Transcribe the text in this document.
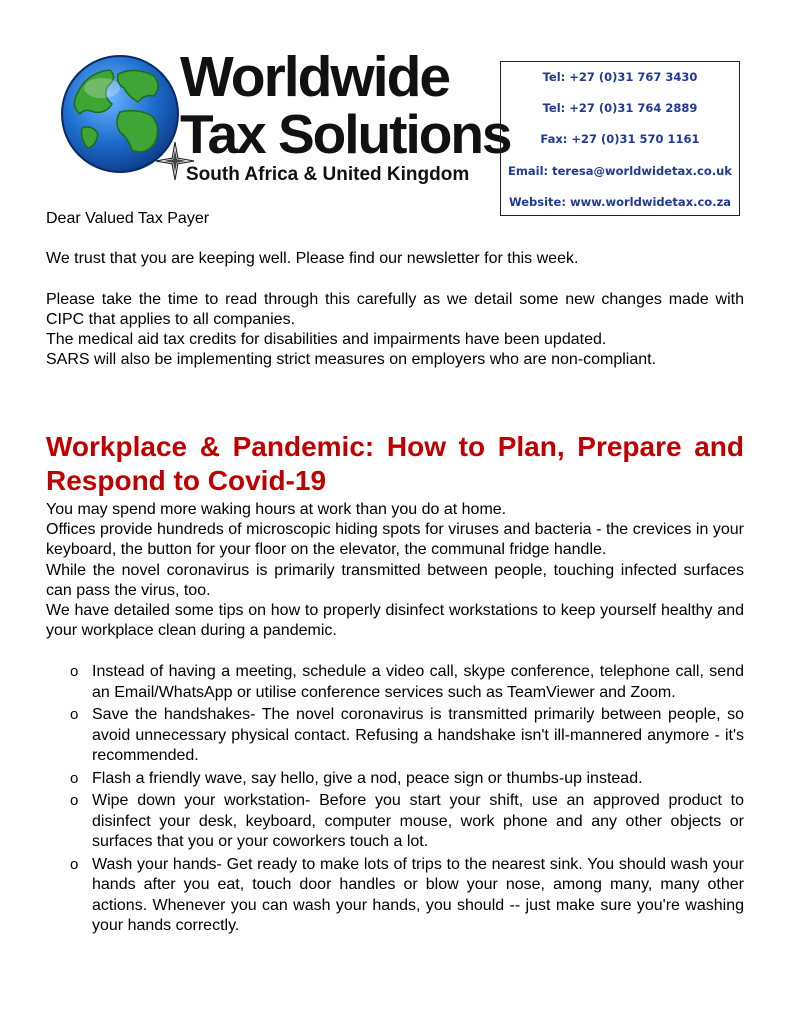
Worldwide
Tax Solutions
South Africa & United Kingdom
Tel: +27 (0)31 767 3430
Tel: +27 (0)31 764 2889
Fax: +27 (0)31 570 1161
Email: teresa@worldwidetax.co.uk
Website: www.worldwidetax.co.za
Dear Valued Tax Payer
We trust that you are keeping well. Please find our newsletter for this week.
Please take the time to read through this carefully as we detail some new changes made with CIPC that applies to all companies.
The medical aid tax credits for disabilities and impairments have been updated.
SARS will also be implementing strict measures on employers who are non-compliant.
Workplace & Pandemic: How to Plan, Prepare and Respond to Covid-19
You may spend more waking hours at work than you do at home.
Offices provide hundreds of microscopic hiding spots for viruses and bacteria - the crevices in your keyboard, the button for your floor on the elevator, the communal fridge handle.
While the novel coronavirus is primarily transmitted between people, touching infected surfaces can pass the virus, too.
We have detailed some tips on how to properly disinfect workstations to keep yourself healthy and your workplace clean during a pandemic.
o Instead of having a meeting, schedule a video call, skype conference, telephone call, send an Email/WhatsApp or utilise conference services such as TeamViewer and Zoom.
o Save the handshakes- The novel coronavirus is transmitted primarily between people, so avoid unnecessary physical contact. Refusing a handshake isn't ill-mannered anymore - it's recommended.
o Flash a friendly wave, say hello, give a nod, peace sign or thumbs-up instead.
o Wipe down your workstation- Before you start your shift, use an approved product to disinfect your desk, keyboard, computer mouse, work phone and any other objects or surfaces that you or your coworkers touch a lot.
o Wash your hands- Get ready to make lots of trips to the nearest sink. You should wash your hands after you eat, touch door handles or blow your nose, among many, many other actions. Whenever you can wash your hands, you should -- just make sure you're washing your hands correctly.
